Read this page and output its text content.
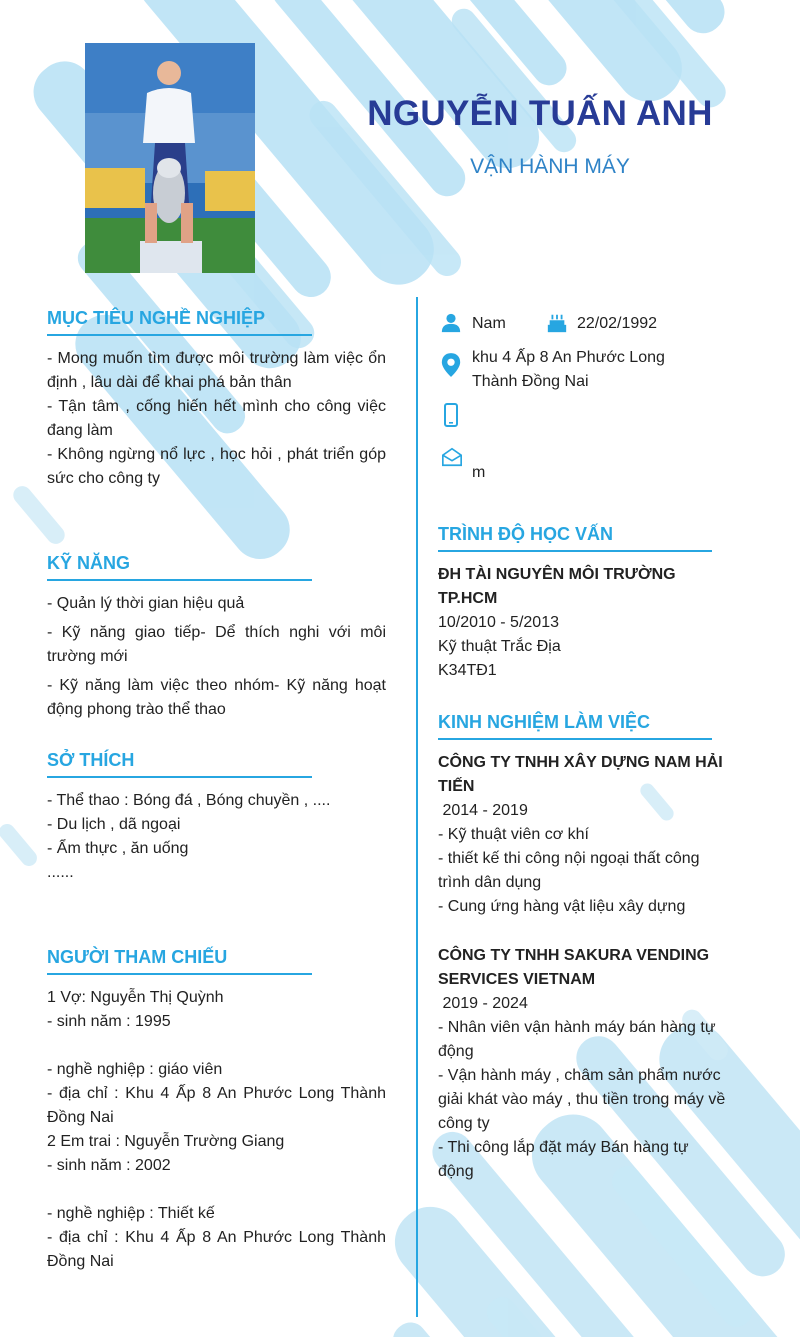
NGUYỄN TUẤN ANH
VẬN HÀNH MÁY
MỤC TIÊU NGHỀ NGHIỆP
- Mong muốn tìm được môi trường làm việc ổn định , lâu dài để khai phá bản thân
- Tận tâm , cống hiến hết mình cho công việc đang làm
- Không ngừng nổ lực , học hỏi , phát triển góp sức cho công ty
KỸ NĂNG
- Quản lý thời gian hiệu quả
- Kỹ năng giao tiếp- Dể thích nghi với môi trường mới
- Kỹ năng làm việc theo nhóm- Kỹ năng hoạt động phong trào thể thao
SỞ THÍCH
- Thể thao : Bóng đá , Bóng chuyền , ....
- Du lịch , dã ngoại
- Ẩm thực , ăn uống
......
NGƯỜI THAM CHIẾU
1 Vợ: Nguyễn Thị Quỳnh
- sinh năm : 1995
- nghề nghiệp : giáo viên
- địa chỉ : Khu 4 Ấp 8 An Phước Long Thành Đồng Nai
2 Em trai : Nguyễn Trường Giang
- sinh năm : 2002
- nghề nghiệp : Thiết kế
- địa chỉ : Khu 4 Ấp 8 An Phước Long Thành Đồng Nai
Nam	22/02/1992
khu 4 Ấp 8 An Phước Long
Thành Đồng Nai
m
TRÌNH ĐỘ HỌC VẤN
ĐH TÀI NGUYÊN MÔI TRƯỜNG TP.HCM
10/2010 - 5/2013
Kỹ thuật Trắc Địa
K34TĐ1
KINH NGHIỆM LÀM VIỆC
CÔNG TY TNHH XÂY DỰNG NAM HẢI TIẾN
2014 - 2019
- Kỹ thuật viên cơ khí
- thiết kế thi công nội ngoại thất công trình dân dụng
- Cung ứng hàng vật liệu xây dựng
CÔNG TY TNHH SAKURA VENDING SERVICES VIETNAM
2019 - 2024
- Nhân viên vận hành máy bán hàng tự động
- Vận hành máy , châm sản phẩm nước giải khát vào máy , thu tiền trong máy về công ty
- Thi công lắp đặt máy Bán hàng tự động
